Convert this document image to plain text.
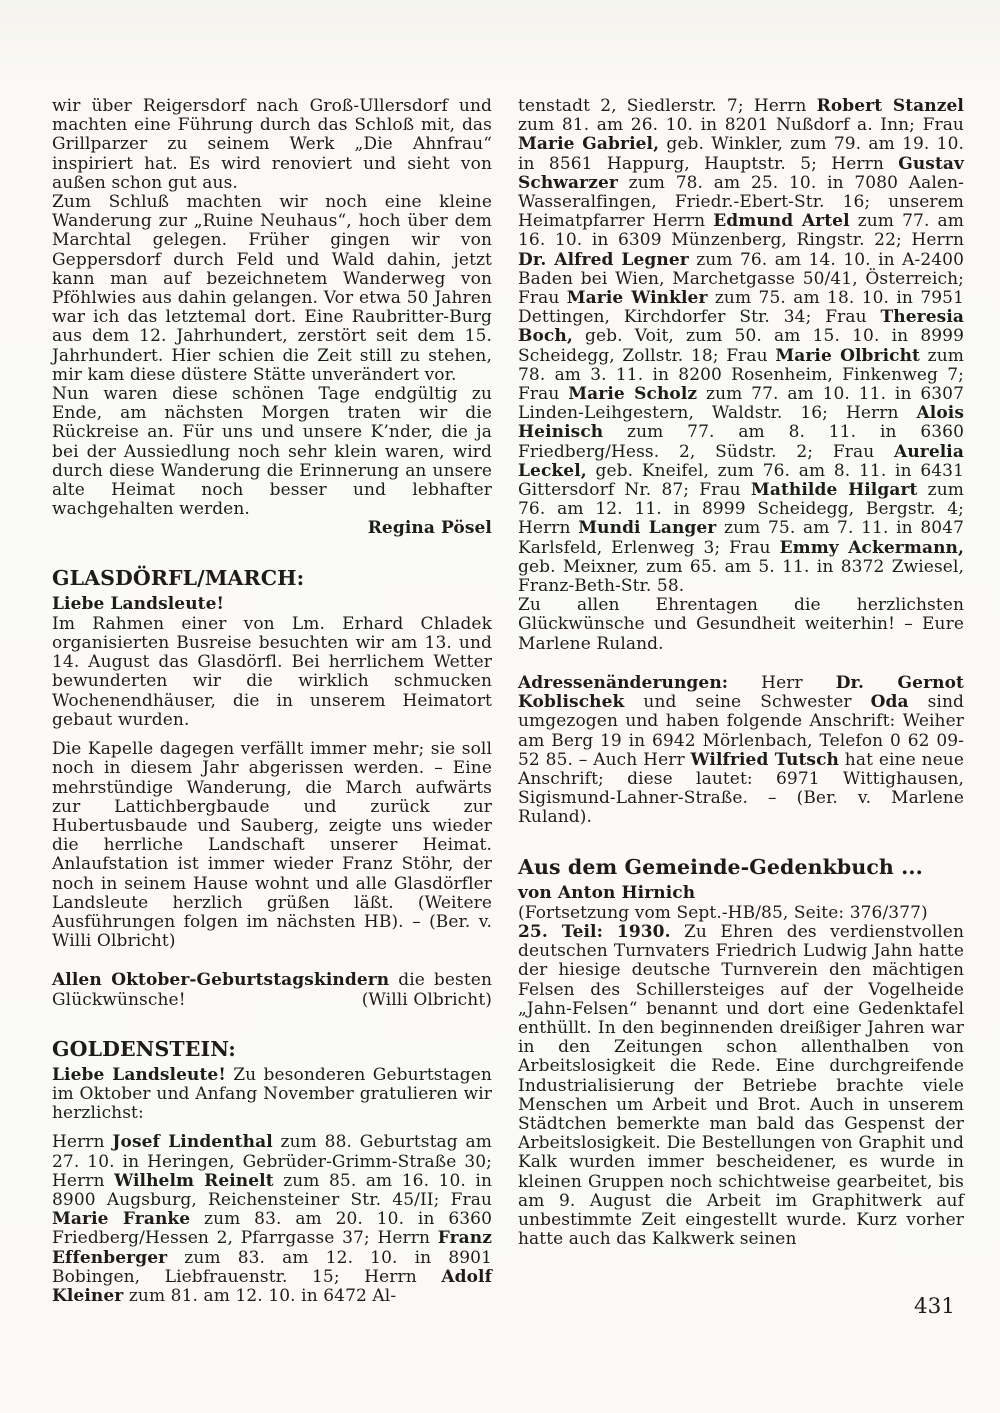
wir über Reigersdorf nach Groß-Ullersdorf und machten eine Führung durch das Schloß mit, das Grillparzer zu seinem Werk „Die Ahnfrau“ inspiriert hat. Es wird renoviert und sieht von außen schon gut aus.
Zum Schluß machten wir noch eine kleine Wanderung zur „Ruine Neuhaus“, hoch über dem Marchtal gelegen. Früher gingen wir von Geppersdorf durch Feld und Wald dahin, jetzt kann man auf bezeichnetem Wanderweg von Pföhlwies aus dahin gelangen. Vor etwa 50 Jahren war ich das letztemal dort. Eine Raubritter-Burg aus dem 12. Jahrhundert, zerstört seit dem 15. Jahrhundert. Hier schien die Zeit still zu stehen, mir kam diese düstere Stätte unverändert vor.
Nun waren diese schönen Tage endgültig zu Ende, am nächsten Morgen traten wir die Rückreise an. Für uns und unsere K’nder, die ja bei der Aussiedlung noch sehr klein waren, wird durch diese Wanderung die Erinnerung an unsere alte Heimat noch besser und lebhafter wachgehalten werden.
Regina Pösel
GLASDÖRFL/MARCH:
Liebe Landsleute!
Im Rahmen einer von Lm. Erhard Chladek organisierten Busreise besuchten wir am 13. und 14. August das Glasdörfl. Bei herrlichem Wetter bewunderten wir die wirklich schmucken Wochenendhäuser, die in unserem Heimatort gebaut wurden.
Die Kapelle dagegen verfällt immer mehr; sie soll noch in diesem Jahr abgerissen werden. – Eine mehrstündige Wanderung, die March aufwärts zur Lattichbergbaude und zurück zur Hubertusbaude und Sauberg, zeigte uns wieder die herrliche Landschaft unserer Heimat. Anlaufstation ist immer wieder Franz Stöhr, der noch in seinem Hause wohnt und alle Glasdörfler Landsleute herzlich grüßen läßt. (Weitere Ausführungen folgen im nächsten HB). – (Ber. v. Willi Olbricht)
Allen Oktober-Geburtstagskindern die besten Glückwünsche!	(Willi Olbricht)
GOLDENSTEIN:
Liebe Landsleute! Zu besonderen Geburtstagen im Oktober und Anfang November gratulieren wir herzlichst:
Herrn Josef Lindenthal zum 88. Geburtstag am 27. 10. in Heringen, Gebrüder-Grimm-Straße 30; Herrn Wilhelm Reinelt zum 85. am 16. 10. in 8900 Augsburg, Reichensteiner Str. 45/II; Frau Marie Franke zum 83. am 20. 10. in 6360 Friedberg/Hessen 2, Pfarrgasse 37; Herrn Franz Effenberger zum 83. am 12. 10. in 8901 Bobingen, Liebfrauenstr. 15; Herrn Adolf Kleiner zum 81. am 12. 10. in 6472 Al-
tenstadt 2, Siedlerstr. 7; Herrn Robert Stanzel zum 81. am 26. 10. in 8201 Nußdorf a. Inn; Frau Marie Gabriel, geb. Winkler, zum 79. am 19. 10. in 8561 Happurg, Hauptstr. 5; Herrn Gustav Schwarzer zum 78. am 25. 10. in 7080 Aalen-Wasseralfingen, Friedr.-Ebert-Str. 16; unserem Heimatpfarrer Herrn Edmund Artel zum 77. am 16. 10. in 6309 Münzenberg, Ringstr. 22; Herrn Dr. Alfred Legner zum 76. am 14. 10. in A-2400 Baden bei Wien, Marchetgasse 50/41, Österreich; Frau Marie Winkler zum 75. am 18. 10. in 7951 Dettingen, Kirchdorfer Str. 34; Frau Theresia Boch, geb. Voit, zum 50. am 15. 10. in 8999 Scheidegg, Zollstr. 18; Frau Marie Olbricht zum 78. am 3. 11. in 8200 Rosenheim, Finkenweg 7; Frau Marie Scholz zum 77. am 10. 11. in 6307 Linden-Leihgestern, Waldstr. 16; Herrn Alois Heinisch zum 77. am 8. 11. in 6360 Friedberg/Hess. 2, Südstr. 2; Frau Aurelia Leckel, geb. Kneifel, zum 76. am 8. 11. in 6431 Gittersdorf Nr. 87; Frau Mathilde Hilgart zum 76. am 12. 11. in 8999 Scheidegg, Bergstr. 4; Herrn Mundi Langer zum 75. am 7. 11. in 8047 Karlsfeld, Erlenweg 3; Frau Emmy Ackermann, geb. Meixner, zum 65. am 5. 11. in 8372 Zwiesel, Franz-Beth-Str. 58.
Zu allen Ehrentagen die herzlichsten Glückwünsche und Gesundheit weiterhin! – Eure Marlene Ruland.
Adressenänderungen: Herr Dr. Gernot Koblischek und seine Schwester Oda sind umgezogen und haben folgende Anschrift: Weiher am Berg 19 in 6942 Mörlenbach, Telefon 0 62 09-52 85. – Auch Herr Wilfried Tutsch hat eine neue Anschrift; diese lautet: 6971 Wittighausen, Sigismund-Lahner-Straße. – (Ber. v. Marlene Ruland).
Aus dem Gemeinde-Gedenkbuch ...
von Anton Hirnich
(Fortsetzung vom Sept.-HB/85, Seite: 376/377)
25. Teil: 1930. Zu Ehren des verdienstvollen deutschen Turnvaters Friedrich Ludwig Jahn hatte der hiesige deutsche Turnverein den mächtigen Felsen des Schillersteiges auf der Vogelheide „Jahn-Felsen“ benannt und dort eine Gedenktafel enthüllt. In den beginnenden dreißiger Jahren war in den Zeitungen schon allenthalben von Arbeitslosigkeit die Rede. Eine durchgreifende Industrialisierung der Betriebe brachte viele Menschen um Arbeit und Brot. Auch in unserem Städtchen bemerkte man bald das Gespenst der Arbeitslosigkeit. Die Bestellungen von Graphit und Kalk wurden immer bescheidener, es wurde in kleinen Gruppen noch schichtweise gearbeitet, bis am 9. August die Arbeit im Graphitwerk auf unbestimmte Zeit eingestellt wurde. Kurz vorher hatte auch das Kalkwerk seinen
431
